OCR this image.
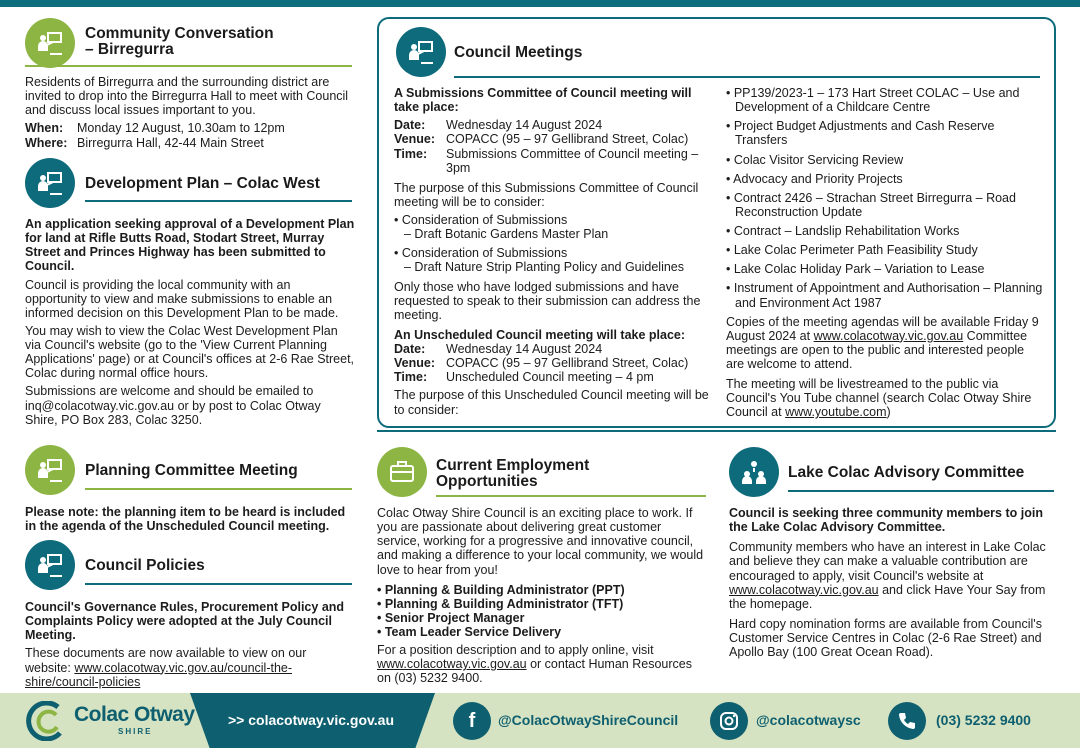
Community Conversation
– Birregurra

Residents of Birregurra and the surrounding district are invited to drop into the Birregurra Hall to meet with Council and discuss local issues important to you.

When:	Monday 12 August, 10.30am to 12pm
Where: Birregurra Hall, 42-44 Main Street
Development Plan – Colac West

An application seeking approval of a Development Plan for land at Rifle Butts Road, Stodart Street, Murray Street and Princes Highway has been submitted to Council.

Council is providing the local community with an opportunity to view and make submissions to enable an informed decision on this Development Plan to be made.

You may wish to view the Colac West Development Plan via Council's website (go to the 'View Current Planning Applications' page) or at Council's offices at 2-6 Rae Street, Colac during normal office hours.

Submissions are welcome and should be emailed to inq@colacotway.vic.gov.au or by post to Colac Otway Shire, PO Box 283, Colac 3250.

Planning Committee Meeting
Please note: the planning item to be heard is included in the agenda of the Unscheduled Council meeting.
Council Policies

Council's Governance Rules, Procurement Policy and Complaints Policy were adopted at the July Council Meeting.

These documents are now available to view on our website: www.colacotway.vic.gov.au/council-the-shire/council-policies

Council Meetings

A Submissions Committee of Council meeting will take place:

Date:	Wednesday 14 August 2024
Venue: COPACC (95 – 97 Gellibrand Street, Colac)
Time:	Submissions Committee of Council meeting – 3pm

The purpose of this Submissions Committee of Council meeting will be to consider:

• Consideration of Submissions
– Draft Botanic Gardens Master Plan
• Consideration of Submissions
– Draft Nature Strip Planting Policy and Guidelines

Only those who have lodged submissions and have requested to speak to their submission can address the meeting.

An Unscheduled Council meeting will take place:

Date:	Wednesday 14 August 2024
Venue: COPACC (95 – 97 Gellibrand Street, Colac)
Time:	Unscheduled Council meeting – 4 pm

The purpose of this Unscheduled Council meeting will be to consider:

• PP139/2023-1 – 173 Hart Street COLAC – Use and Development of a Childcare Centre
• Project Budget Adjustments and Cash Reserve Transfers
• Colac Visitor Servicing Review
• Advocacy and Priority Projects
• Contract 2426 – Strachan Street Birregurra – Road Reconstruction Update
• Contract – Landslip Rehabilitation Works
• Lake Colac Perimeter Path Feasibility Study
• Lake Colac Holiday Park – Variation to Lease
• Instrument of Appointment and Authorisation – Planning and Environment Act 1987

Copies of the meeting agendas will be available Friday 9 August 2024 at www.colacotway.vic.gov.au Committee meetings are open to the public and interested people are welcome to attend.

The meeting will be livestreamed to the public via Council's You Tube channel (search Colac Otway Shire Council at www.youtube.com)

Current Employment
Opportunities

Colac Otway Shire Council is an exciting place to work. If you are passionate about delivering great customer service, working for a progressive and innovative council, and making a difference to your local community, we would love to hear from you!

• Planning & Building Administrator (PPT)
• Planning & Building Administrator (TFT)
• Senior Project Manager
• Team Leader Service Delivery

For a position description and to apply online, visit www.colacotway.vic.gov.au or contact Human Resources on (03) 5232 9400.

Lake Colac Advisory Committee

Council is seeking three community members to join the Lake Colac Advisory Committee.

Community members who have an interest in Lake Colac and believe they can make a valuable contribution are encouraged to apply, visit Council's website at www.colacotway.vic.gov.au and click Have Your Say from the homepage.

Hard copy nomination forms are available from Council's Customer Service Centres in Colac (2-6 Rae Street) and Apollo Bay (100 Great Ocean Road).

Colac Otway
SHIRE
>> colacotway.vic.gov.au	f	@ColacOtwayShireCouncil	@colacotwaysc	(03) 5232 9400
